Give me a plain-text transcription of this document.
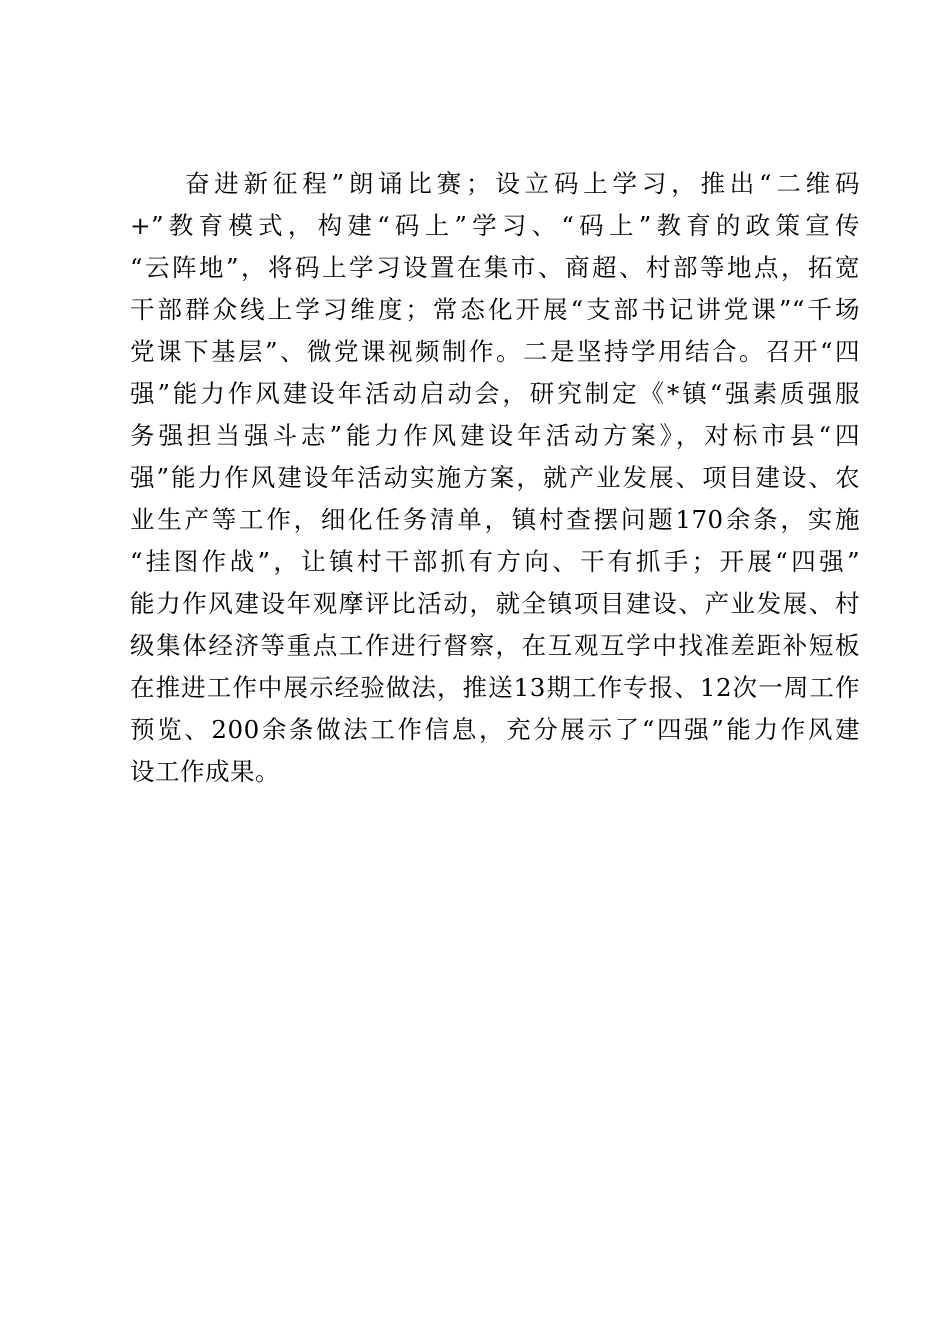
奋进新征程”朗诵比赛；设立码上学习，推出“二维码
+”教育模式，构建“码上”学习、“码上”教育的政策宣传
“云阵地”，将码上学习设置在集市、商超、村部等地点，拓宽
干部群众线上学习维度；常态化开展“支部书记讲党课”“千场
党课下基层”、微党课视频制作。二是坚持学用结合。召开“四
强”能力作风建设年活动启动会，研究制定《*镇“强素质强服
务强担当强斗志”能力作风建设年活动方案》，对标市县“四
强”能力作风建设年活动实施方案，就产业发展、项目建设、农
业生产等工作，细化任务清单，镇村查摆问题170余条，实施
“挂图作战”，让镇村干部抓有方向、干有抓手；开展“四强”
能力作风建设年观摩评比活动，就全镇项目建设、产业发展、村
级集体经济等重点工作进行督察，在互观互学中找准差距补短板
在推进工作中展示经验做法，推送13期工作专报、12次一周工作
预览、200余条做法工作信息，充分展示了“四强”能力作风建
设工作成果。
